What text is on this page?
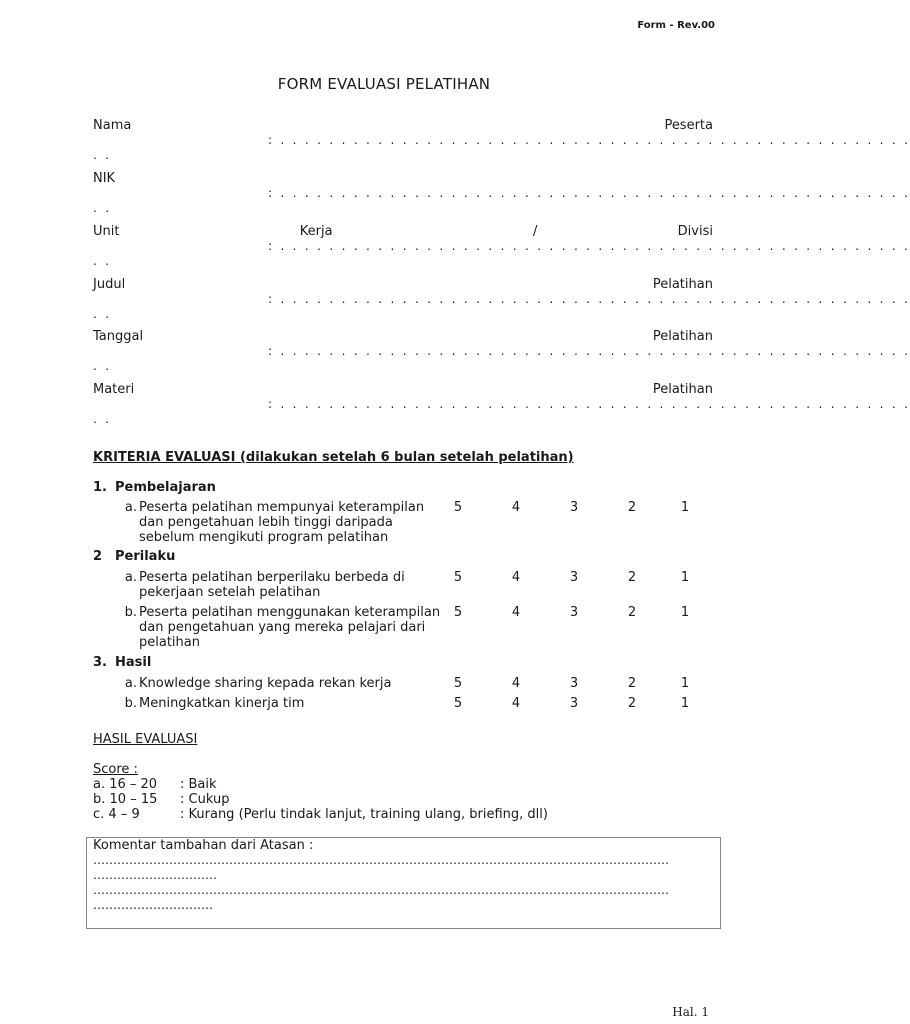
Form - Rev.00
FORM EVALUASI PELATIHAN
Nama	Peserta
: . . . . . . . . . . . . . . . . . . . . . . . . . . . . . . . . . . . . . . . . . . . . . . . . . . . .
. .
NIK
: . . . . . . . . . . . . . . . . . . . . . . . . . . . . . . . . . . . . . . . . . . . . . . . . . . . .
. .
Unit	Kerja	/	Divisi
: . . . . . . . . . . . . . . . . . . . . . . . . . . . . . . . . . . . . . . . . . . . . . . . . . . . .
. .
Judul	Pelatihan
: . . . . . . . . . . . . . . . . . . . . . . . . . . . . . . . . . . . . . . . . . . . . . . . . . . . .
. .
Tanggal	Pelatihan
: . . . . . . . . . . . . . . . . . . . . . . . . . . . . . . . . . . . . . . . . . . . . . . . . . . . .
. .
Materi	Pelatihan
: . . . . . . . . . . . . . . . . . . . . . . . . . . . . . . . . . . . . . . . . . . . . . . . . . . . .
. .
KRITERIA EVALUASI (dilakukan setelah 6 bulan setelah pelatihan)
1. Pembelajaran
a. Peserta pelatihan mempunyai keterampilan
dan pengetahuan lebih tinggi daripada
sebelum mengikuti program pelatihan
5	4	3	2	1
2 Perilaku
a. Peserta pelatihan berperilaku berbeda di
pekerjaan setelah pelatihan
5	4	3	2	1
b. Peserta pelatihan menggunakan keterampilan
dan pengetahuan yang mereka pelajari dari
pelatihan
5	4	3	2	1
3. Hasil
a. Knowledge sharing kepada rekan kerja	5	4	3	2	1
b. Meningkatkan kinerja tim	5	4	3	2	1
HASIL EVALUASI
Score :
a. 16 – 20 : Baik
b. 10 – 15 : Cukup
c. 4 – 9	: Kurang (Perlu tindak lanjut, training ulang, briefing, dll)
Komentar tambahan dari Atasan :
………………………………………………………………………………………………………………………………
………………………….
………………………………………………………………………………………………………………………………
…………………………
Hal. 1
